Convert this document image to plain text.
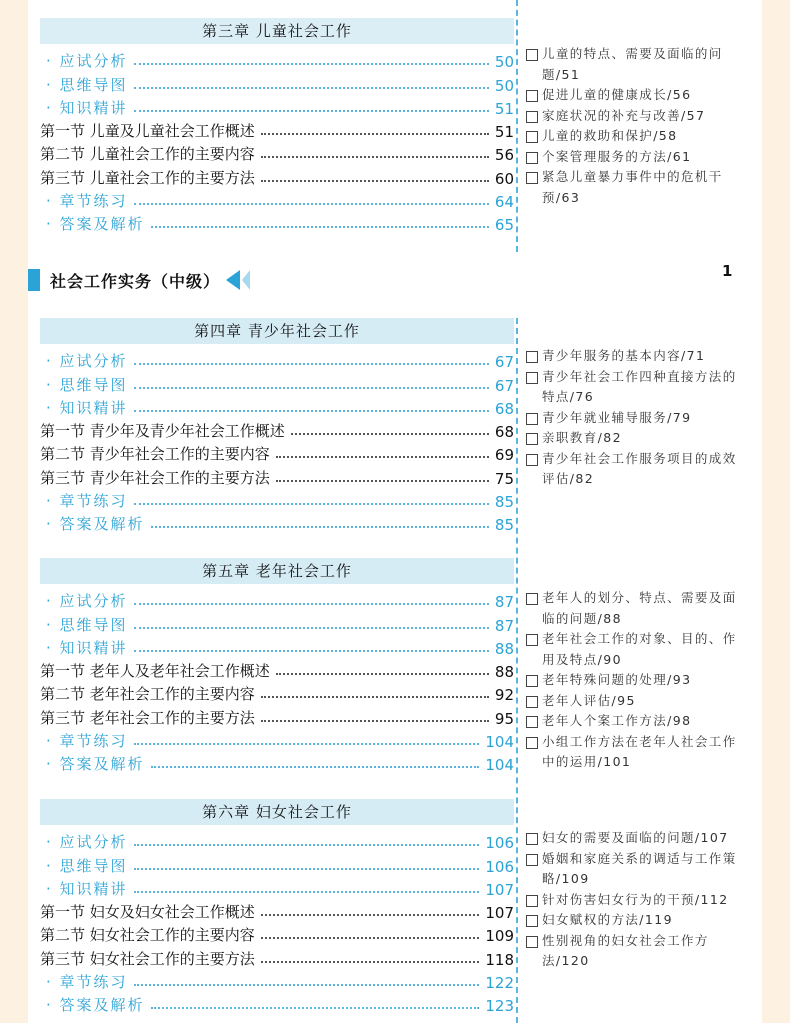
第三章 儿童社会工作
· 应试分析	50
· 思维导图	50
· 知识精讲	51
第一节 儿童及儿童社会工作概述	51
第二节 儿童社会工作的主要内容	56
第三节 儿童社会工作的主要方法	60
· 章节练习	64
· 答案及解析	65
儿童的特点、需要及面临的问题/51
促进儿童的健康成长/56
家庭状况的补充与改善/57
儿童的救助和保护/58
个案管理服务的方法/61
紧急儿童暴力事件中的危机干预/63
社会工作实务（中级）
1
第四章 青少年社会工作
· 应试分析	67
· 思维导图	67
· 知识精讲	68
第一节 青少年及青少年社会工作概述	68
第二节 青少年社会工作的主要内容	69
第三节 青少年社会工作的主要方法	75
· 章节练习	85
· 答案及解析	85
青少年服务的基本内容/71
青少年社会工作四种直接方法的特点/76
青少年就业辅导服务/79
亲职教育/82
青少年社会工作服务项目的成效评估/82
第五章 老年社会工作
· 应试分析	87
· 思维导图	87
· 知识精讲	88
第一节 老年人及老年社会工作概述	88
第二节 老年社会工作的主要内容	92
第三节 老年社会工作的主要方法	95
· 章节练习	104
· 答案及解析	104
老年人的划分、特点、需要及面临的问题/88
老年社会工作的对象、目的、作用及特点/90
老年特殊问题的处理/93
老年人评估/95
老年人个案工作方法/98
小组工作方法在老年人社会工作中的运用/101
第六章 妇女社会工作
· 应试分析	106
· 思维导图	106
· 知识精讲	107
第一节 妇女及妇女社会工作概述	107
第二节 妇女社会工作的主要内容	109
第三节 妇女社会工作的主要方法	118
· 章节练习	122
· 答案及解析	123
妇女的需要及面临的问题/107
婚姻和家庭关系的调适与工作策略/109
针对伤害妇女行为的干预/112
妇女赋权的方法/119
性别视角的妇女社会工作方法/120
